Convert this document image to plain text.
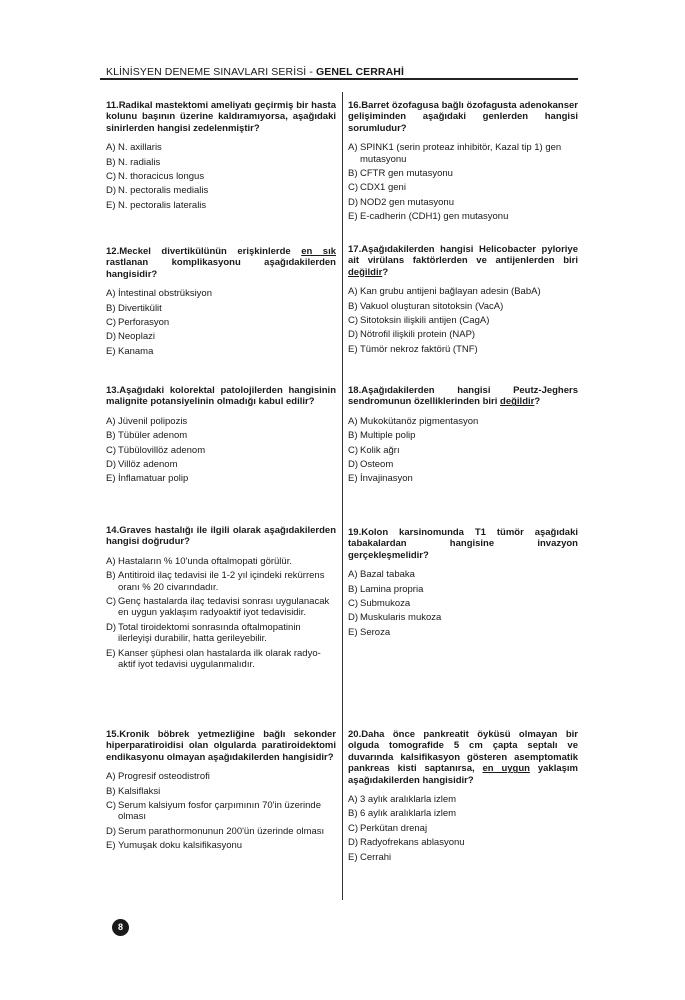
KLİNİSYEN DENEME SINAVLARI SERİSİ - GENEL CERRAHİ

11.Radikal mastektomi ameliyatı geçirmiş bir hasta kolunu başının üzerine kaldıramıyorsa, aşağıdaki sinirlerden hangisi zedelenmiştir?

A) N. axillaris
B) N. radialis
C) N. thoracicus longus
D) N. pectoralis medialis
E) N. pectoralis lateralis

12.Meckel divertikülünün erişkinlerde en sık rastlanan komplikasyonu aşağıdakilerden hangisidir?

A) İntestinal obstrüksiyon
B) Divertikülit
C) Perforasyon
D) Neoplazi
E) Kanama

13.Aşağıdaki kolorektal patolojilerden hangisinin malignite potansiyelinin olmadığı kabul edilir?

A) Jüvenil polipozis
B) Tübüler adenom
C) Tübülovillöz adenom
D) Villöz adenom
E) İnflamatuar polip

14.Graves hastalığı ile ilgili olarak aşağıdakilerden hangisi doğrudur?

A) Hastaların % 10'unda oftalmopati görülür.
B) Antitiroid ilaç tedavisi ile 1-2 yıl içindeki rekürrens oranı % 20 civarındadır.
C) Genç hastalarda ilaç tedavisi sonrası uygulanacak en uygun yaklaşım radyoaktif iyot tedavisidir.
D) Total tiroidektomi sonrasında oftalmopatinin ilerleyişi durabilir, hatta gerileyebilir.
E) Kanser şüphesi olan hastalarda ilk olarak radyo-aktif iyot tedavisi uygulanmalıdır.

15.Kronik böbrek yetmezliğine bağlı sekonder hiperparatiroidisi olan olgularda paratiroidektomi endikasyonu olmayan aşağıdakilerden hangisidir?

A) Progresif osteodistrofi
B) Kalsiflaksi
C) Serum kalsiyum fosfor çarpımının 70'in üzerinde olması
D) Serum parathormonunun 200'ün üzerinde olması
E) Yumuşak doku kalsifikasyonu

16.Barret özofagusa bağlı özofagusta adenokanser gelişiminden aşağıdaki genlerden hangisi sorumludur?

A) SPINK1 (serin proteaz inhibitör, Kazal tip 1) gen mutasyonu
B) CFTR gen mutasyonu
C) CDX1 geni
D) NOD2 gen mutasyonu
E) E-cadherin (CDH1) gen mutasyonu

17.Aşağıdakilerden hangisi Helicobacter pyloriye ait virülans faktörlerden ve antijenlerden biri değildir?

A) Kan grubu antijeni bağlayan adesin (BabA)
B) Vakuol oluşturan sitotoksin (VacA)
C) Sitotoksin ilişkili antijen (CagA)
D) Nötrofil ilişkili protein (NAP)
E) Tümör nekroz faktörü (TNF)

18.Aşağıdakilerden hangisi Peutz-Jeghers sendromunun özelliklerinden biri değildir?

A) Mukokütanöz pigmentasyon
B) Multiple polip
C) Kolik ağrı
D) Osteom
E) İnvajinasyon

19.Kolon karsinomunda T1 tümör aşağıdaki tabakalardan hangisine invazyon gerçekleşmelidir?

A) Bazal tabaka
B) Lamina propria
C) Submukoza
D) Muskularis mukoza
E) Seroza

20.Daha önce pankreatit öyküsü olmayan bir olguda tomografide 5 cm çapta septalı ve duvarında kalsifikasyon gösteren asemptomatik pankreas kisti saptanırsa, en uygun yaklaşım aşağıdakilerden hangisidir?

A) 3 aylık aralıklarla izlem
B) 6 aylık aralıklarla izlem
C) Perkütan drenaj
D) Radyofrekans ablasyonu
E) Cerrahi
8
